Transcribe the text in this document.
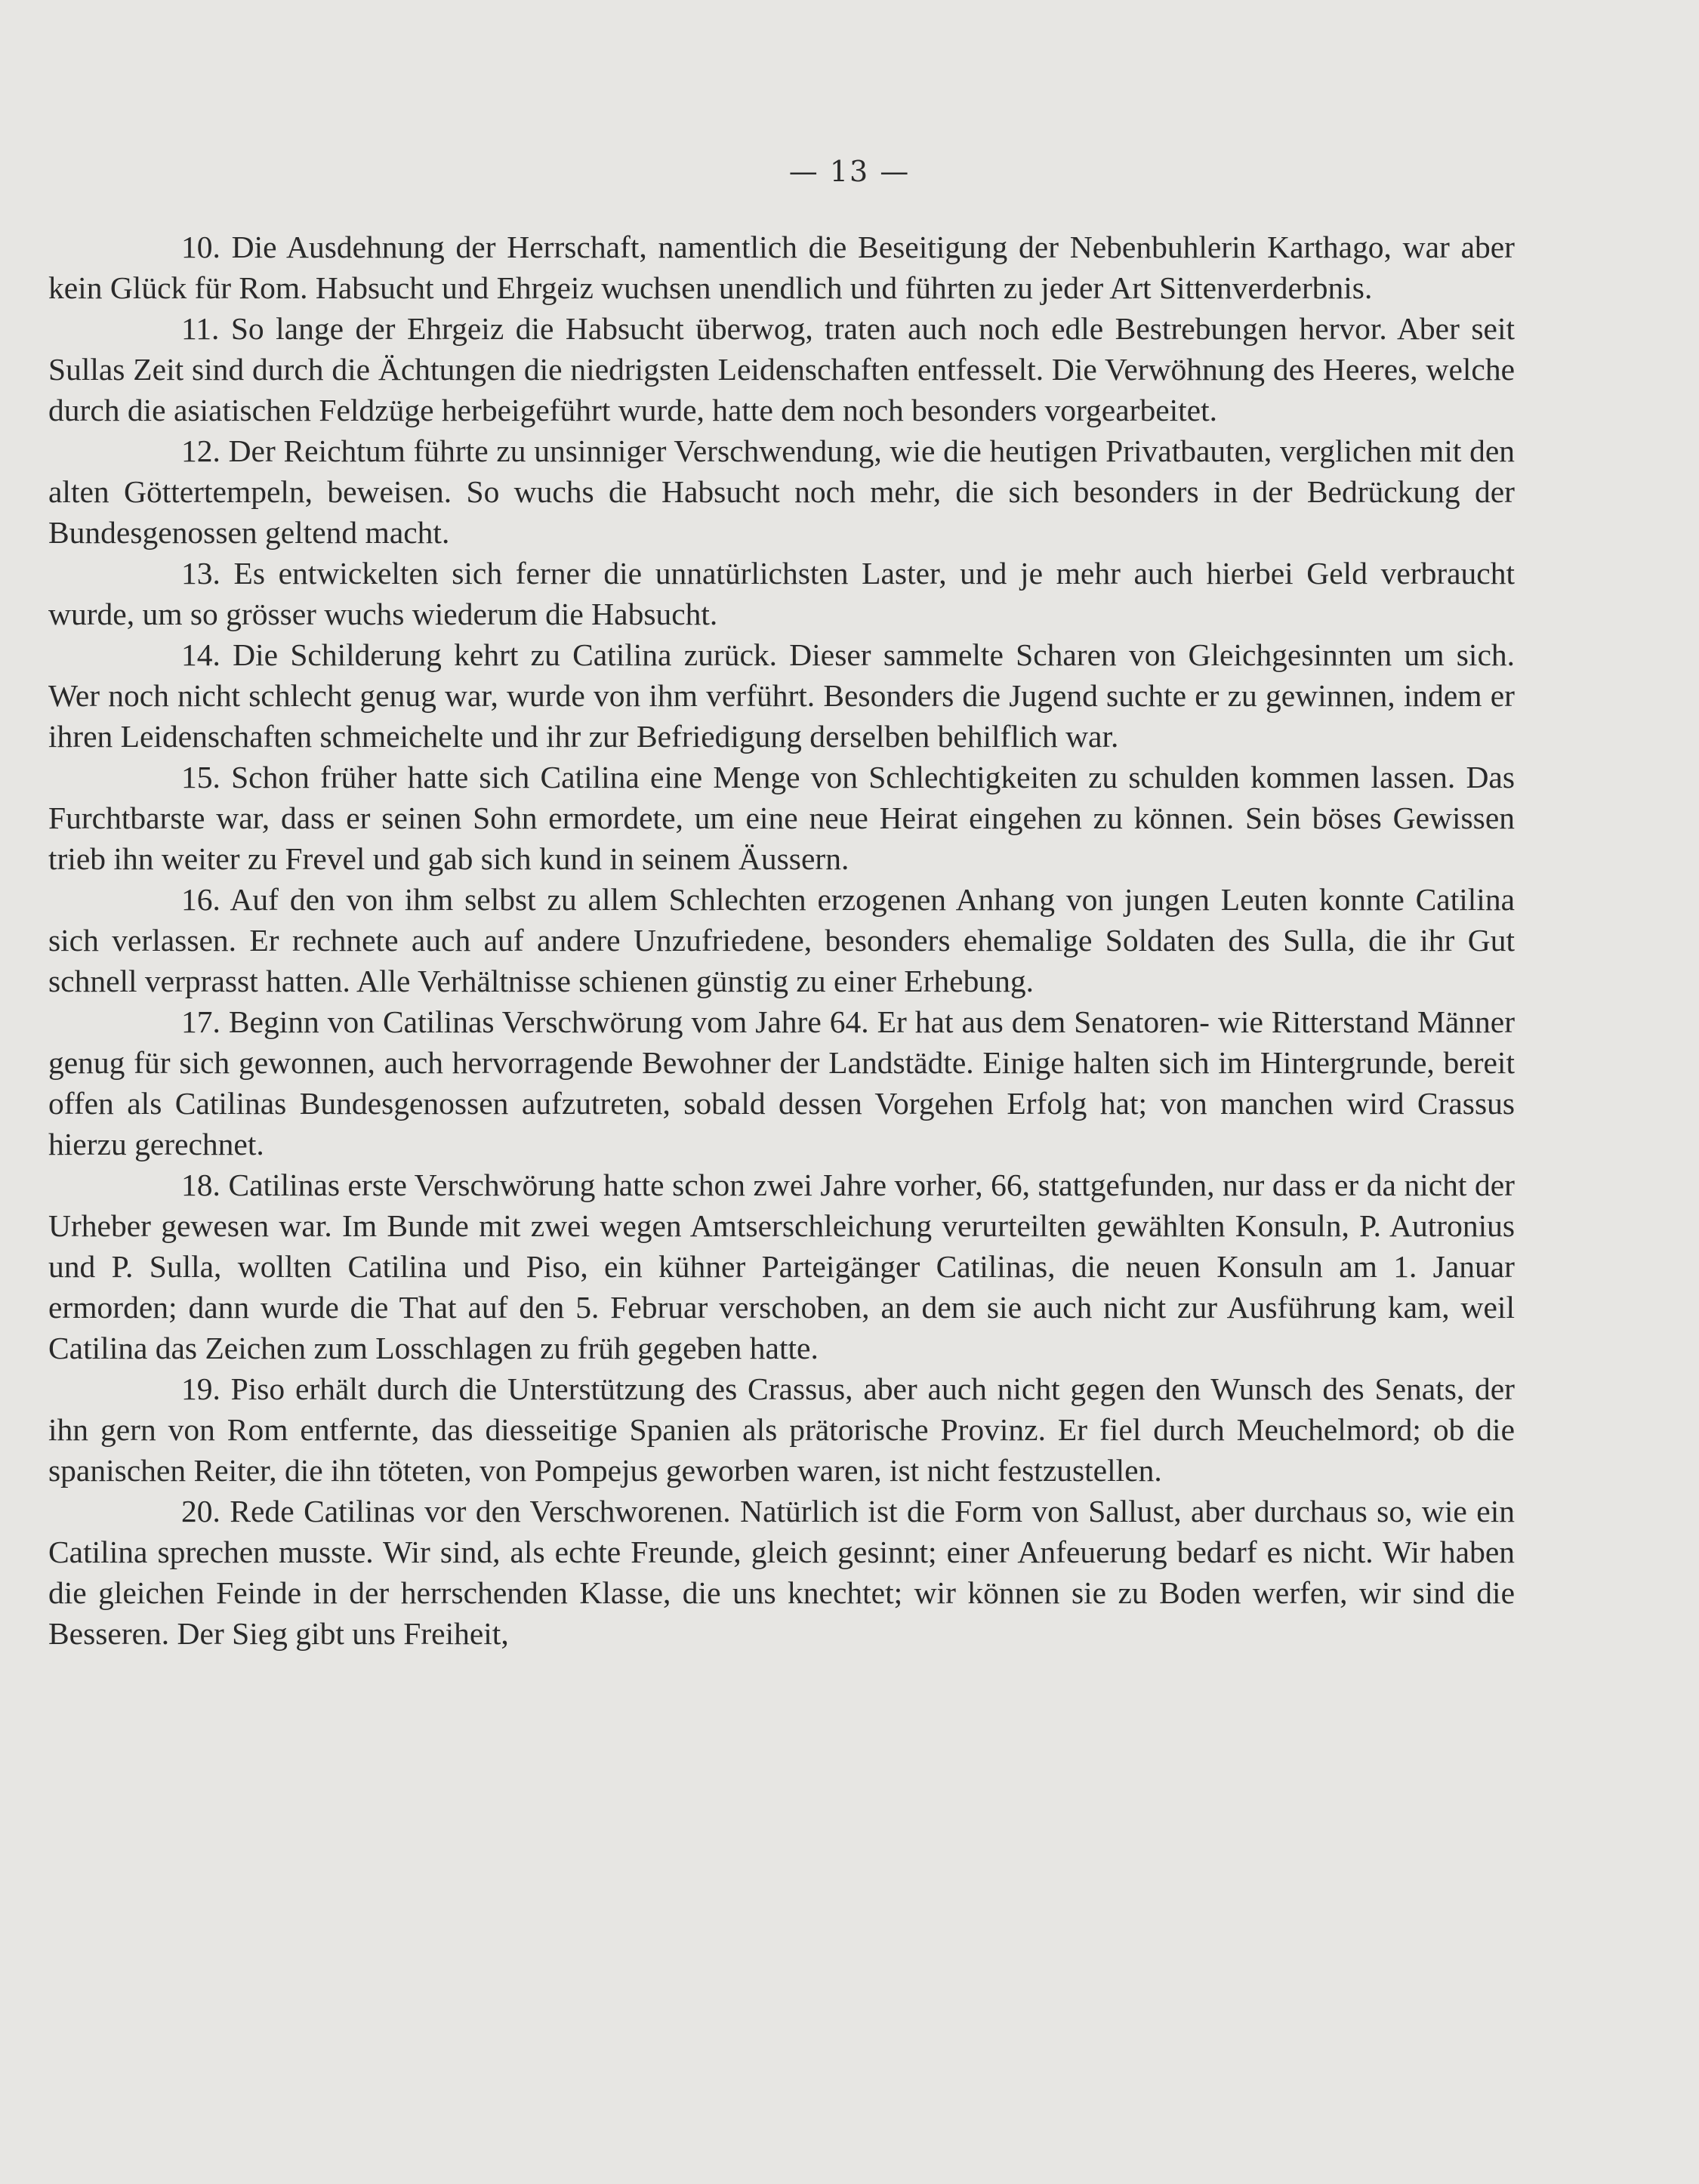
— 13 —

10. Die Ausdehnung der Herrschaft, namentlich die Beseitigung der Nebenbuhlerin Karthago, war aber kein Glück für Rom. Habsucht und Ehrgeiz wuchsen unendlich und führten zu jeder Art Sittenverderbnis.

11. So lange der Ehrgeiz die Habsucht überwog, traten auch noch edle Bestrebungen hervor. Aber seit Sullas Zeit sind durch die Ächtungen die niedrigsten Leidenschaften entfesselt. Die Verwöhnung des Heeres, welche durch die asiatischen Feldzüge herbeigeführt wurde, hatte dem noch besonders vorgearbeitet.

12. Der Reichtum führte zu unsinniger Verschwendung, wie die heutigen Privatbauten, verglichen mit den alten Göttertempeln, beweisen. So wuchs die Habsucht noch mehr, die sich besonders in der Bedrückung der Bundesgenossen geltend macht.

13. Es entwickelten sich ferner die unnatürlichsten Laster, und je mehr auch hierbei Geld verbraucht wurde, um so grösser wuchs wiederum die Habsucht.

14. Die Schilderung kehrt zu Catilina zurück. Dieser sammelte Scharen von Gleichgesinnten um sich. Wer noch nicht schlecht genug war, wurde von ihm verführt. Besonders die Jugend suchte er zu gewinnen, indem er ihren Leidenschaften schmeichelte und ihr zur Befriedigung derselben behilflich war.

15. Schon früher hatte sich Catilina eine Menge von Schlechtigkeiten zu schulden kommen lassen. Das Furchtbarste war, dass er seinen Sohn ermordete, um eine neue Heirat eingehen zu können. Sein böses Gewissen trieb ihn weiter zu Frevel und gab sich kund in seinem Äussern.

16. Auf den von ihm selbst zu allem Schlechten erzogenen Anhang von jungen Leuten konnte Catilina sich verlassen. Er rechnete auch auf andere Unzufriedene, besonders ehemalige Soldaten des Sulla, die ihr Gut schnell verprasst hatten. Alle Verhältnisse schienen günstig zu einer Erhebung.

17. Beginn von Catilinas Verschwörung vom Jahre 64. Er hat aus dem Senatoren- wie Ritterstand Männer genug für sich gewonnen, auch hervorragende Bewohner der Landstädte. Einige halten sich im Hintergrunde, bereit offen als Catilinas Bundesgenossen aufzutreten, sobald dessen Vorgehen Erfolg hat; von manchen wird Crassus hierzu gerechnet.

18. Catilinas erste Verschwörung hatte schon zwei Jahre vorher, 66, stattgefunden, nur dass er da nicht der Urheber gewesen war. Im Bunde mit zwei wegen Amtserschleichung verurteilten gewählten Konsuln, P. Autronius und P. Sulla, wollten Catilina und Piso, ein kühner Parteigänger Catilinas, die neuen Konsuln am 1. Januar ermorden; dann wurde die That auf den 5. Februar verschoben, an dem sie auch nicht zur Ausführung kam, weil Catilina das Zeichen zum Losschlagen zu früh gegeben hatte.

19. Piso erhält durch die Unterstützung des Crassus, aber auch nicht gegen den Wunsch des Senats, der ihn gern von Rom entfernte, das diesseitige Spanien als prätorische Provinz. Er fiel durch Meuchelmord; ob die spanischen Reiter, die ihn töteten, von Pompejus geworben waren, ist nicht festzustellen.

20. Rede Catilinas vor den Verschworenen. Natürlich ist die Form von Sallust, aber durchaus so, wie ein Catilina sprechen musste. Wir sind, als echte Freunde, gleich gesinnt; einer Anfeuerung bedarf es nicht. Wir haben die gleichen Feinde in der herrschenden Klasse, die uns knechtet; wir können sie zu Boden werfen, wir sind die Besseren. Der Sieg gibt uns Freiheit,
